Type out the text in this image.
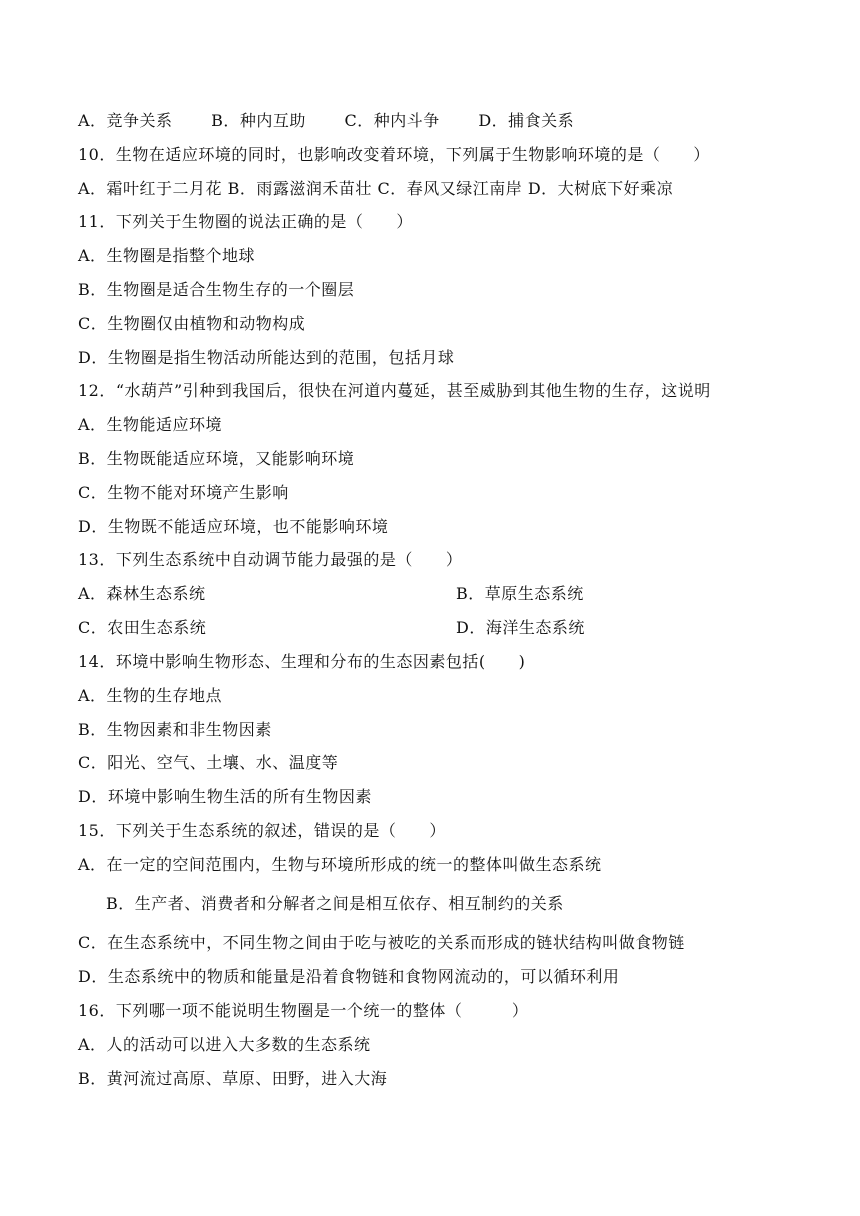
A．竞争关系　　 B．种内互助　　 C．种内斗争　　 D．捕食关系
10．生物在适应环境的同时，也影响改变着环境，下列属于生物影响环境的是（　　）
A．霜叶红于二月花 B．雨露滋润禾苗壮 C．春风又绿江南岸 D．大树底下好乘凉
11．下列关于生物圈的说法正确的是（　　）
A．生物圈是指整个地球
B．生物圈是适合生物生存的一个圈层
C．生物圈仅由植物和动物构成
D．生物圈是指生物活动所能达到的范围，包括月球
12．“水葫芦”引种到我国后，很快在河道内蔓延，甚至威胁到其他生物的生存，这说明
A．生物能适应环境
B．生物既能适应环境，又能影响环境
C．生物不能对环境产生影响
D．生物既不能适应环境，也不能影响环境
13．下列生态系统中自动调节能力最强的是（　　）
A．森林生态系统	B．草原生态系统
C．农田生态系统	D．海洋生态系统
14．环境中影响生物形态、生理和分布的生态因素包括(　　)
A．生物的生存地点
B．生物因素和非生物因素
C．阳光、空气、土壤、水、温度等
D．环境中影响生物生活的所有生物因素
15．下列关于生态系统的叙述，错误的是（　　）
A．在一定的空间范围内，生物与环境所形成的统一的整体叫做生态系统
B．生产者、消费者和分解者之间是相互依存、相互制约的关系
C．在生态系统中，不同生物之间由于吃与被吃的关系而形成的链状结构叫做食物链
D．生态系统中的物质和能量是沿着食物链和食物网流动的，可以循环利用
16．下列哪一项不能说明生物圈是一个统一的整体（　　　）
A．人的活动可以进入大多数的生态系统
B．黄河流过高原、草原、田野，进入大海
